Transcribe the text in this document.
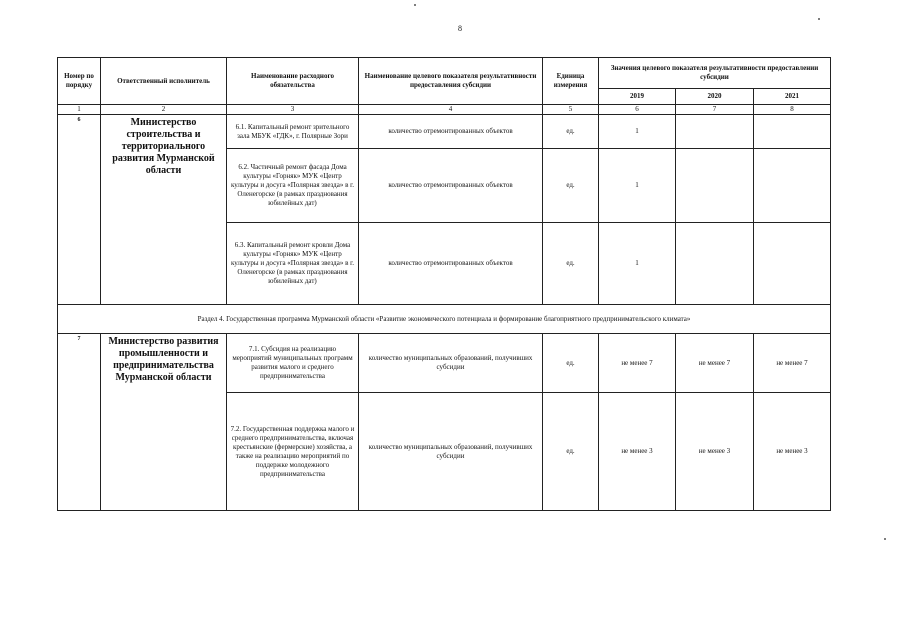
8
Номер по порядку	Ответственный исполнитель	Наименование расходного обязательства	Наименование целевого показателя результативности предоставления субсидии	Единица измерения	Значения целевого показателя результативности предоставлении субсидии		
					2019	2020	2021
1	2	3	4	5	6	7	8
6	Министерство строительства и территориального развития Мурманской области	6.1. Капитальный ремонт зрительного зала МБУК «ГДК», г. Полярные Зори	количество отремонтированных объектов	ед.	1		
		6.2. Частичный ремонт фасада Дома культуры «Горняк» МУК «Центр культуры и досуга «Полярная звезда» в г. Оленегорске (в рамках празднования юбилейных дат)	количество отремонтированных объектов	ед.	1		
		6.3. Капитальный ремонт кровли Дома культуры «Горняк» МУК «Центр культуры и досуга «Полярная звезда» в г. Оленегорске (в рамках празднования юбилейных дат)	количество отремонтированных объектов	ед.	1		
Раздел 4. Государственная программа Мурманской области «Развитие экономического потенциала и формирование благоприятного предпринимательского климата»							
7	Министерство развития промышленности и предпринимательства Мурманской области	7.1. Субсидия на реализацию мероприятий муниципальных программ развития малого и среднего предпринимательства	количество муниципальных образований, получивших субсидии	ед.	не менее 7	не менее 7	не менее 7
		7.2. Государственная поддержка малого и среднего предпринимательства, включая крестьянские (фермерские) хозяйства, а также на реализацию мероприятий по поддержке молодежного предпринимательства	количество муниципальных образований, получивших субсидии	ед.	не менее 3	не менее 3	не менее 3
